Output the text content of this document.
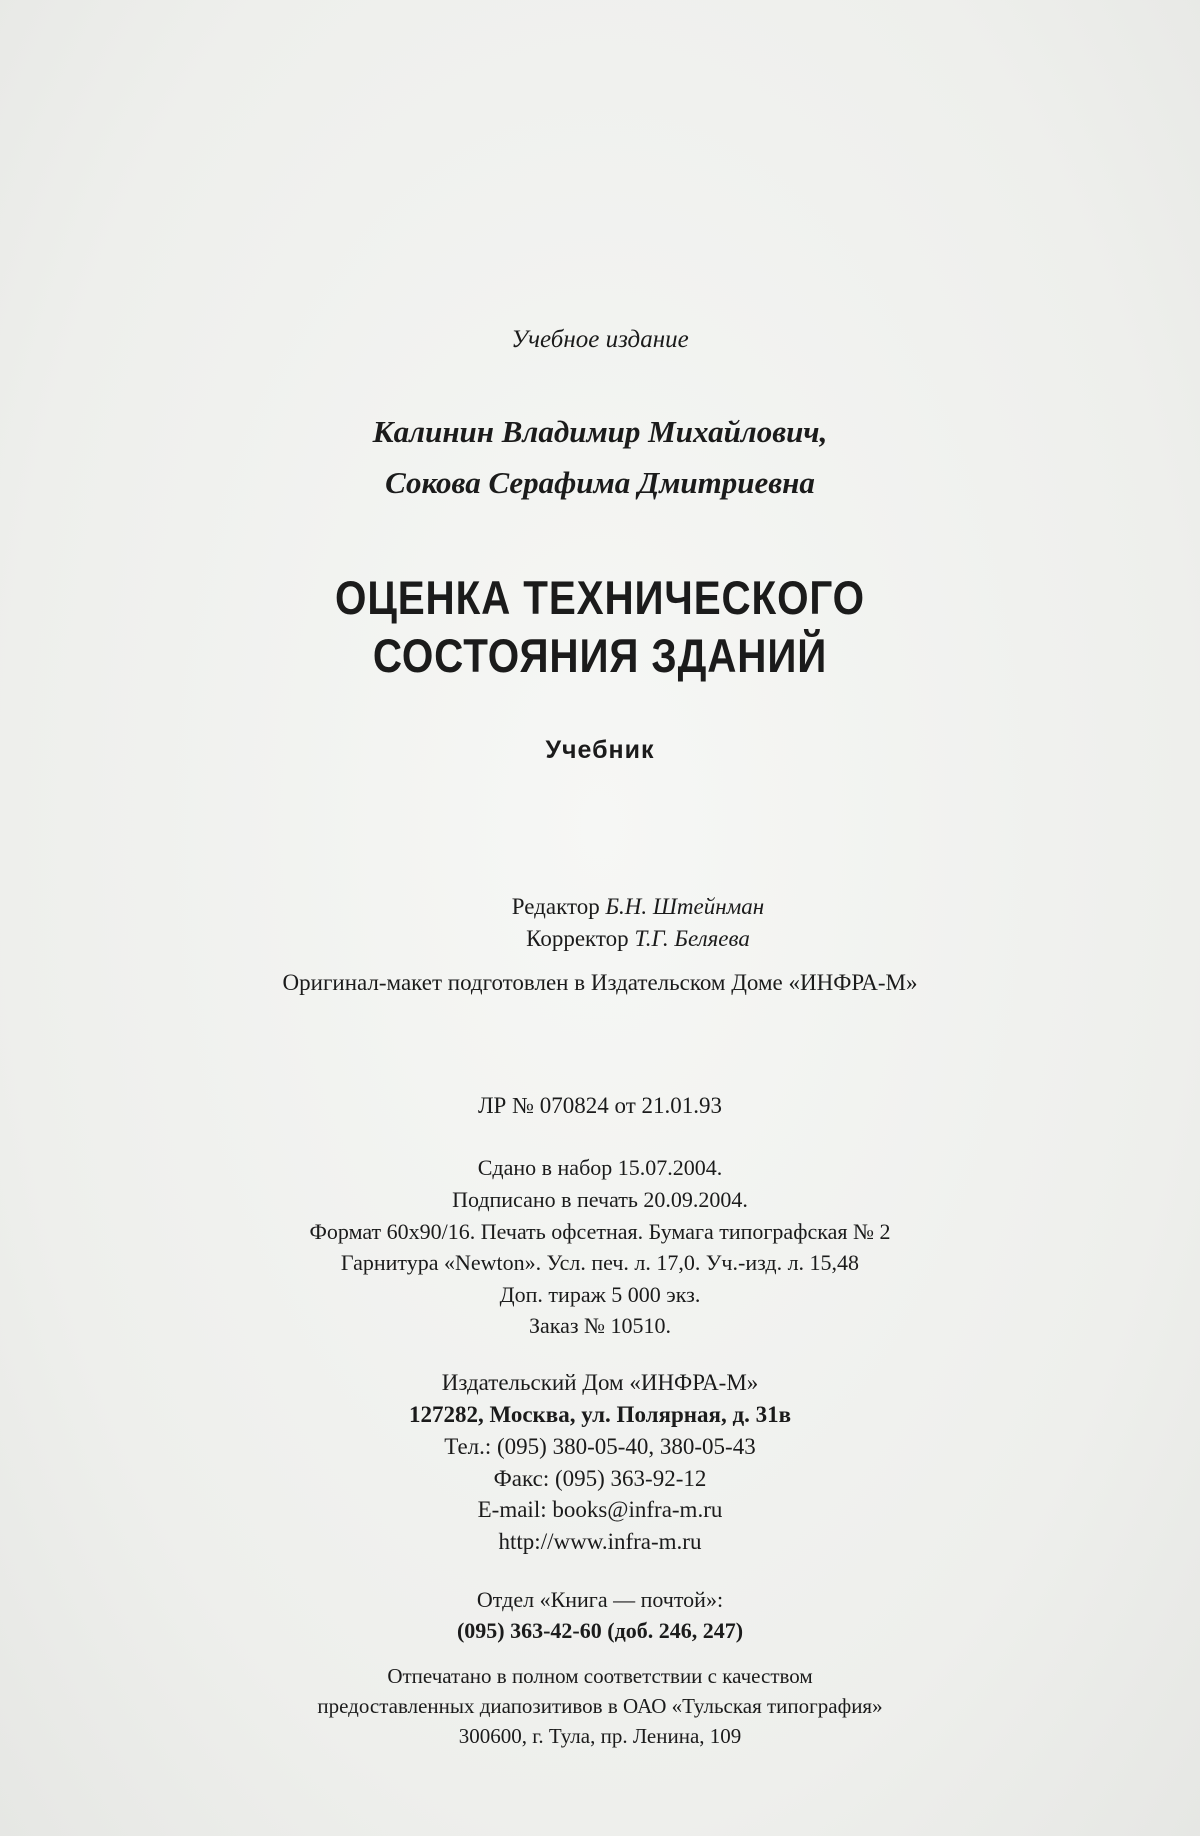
Учебное издание
Калинин Владимир Михайлович,
Сокова Серафима Дмитриевна
ОЦЕНКА ТЕХНИЧЕСКОГО
СОСТОЯНИЯ ЗДАНИЙ
Учебник
Редактор Б.Н. Штейнман
Корректор Т.Г. Беляева
Оригинал-макет подготовлен в Издательском Доме «ИНФРА-М»
ЛР № 070824 от 21.01.93
Сдано в набор 15.07.2004.
Подписано в печать 20.09.2004.
Формат 60х90/16. Печать офсетная. Бумага типографская № 2
Гарнитура «Newton». Усл. печ. л. 17,0. Уч.-изд. л. 15,48
Доп. тираж 5 000 экз.
Заказ № 10510.
Издательский Дом «ИНФРА-М»
127282, Москва, ул. Полярная, д. 31в
Тел.: (095) 380-05-40, 380-05-43
Факс: (095) 363-92-12
E-mail: books@infra-m.ru
http://www.infra-m.ru
Отдел «Книга — почтой»:
(095) 363-42-60 (доб. 246, 247)
Отпечатано в полном соответствии с качеством
предоставленных диапозитивов в ОАО «Тульская типография»
300600, г. Тула, пр. Ленина, 109
